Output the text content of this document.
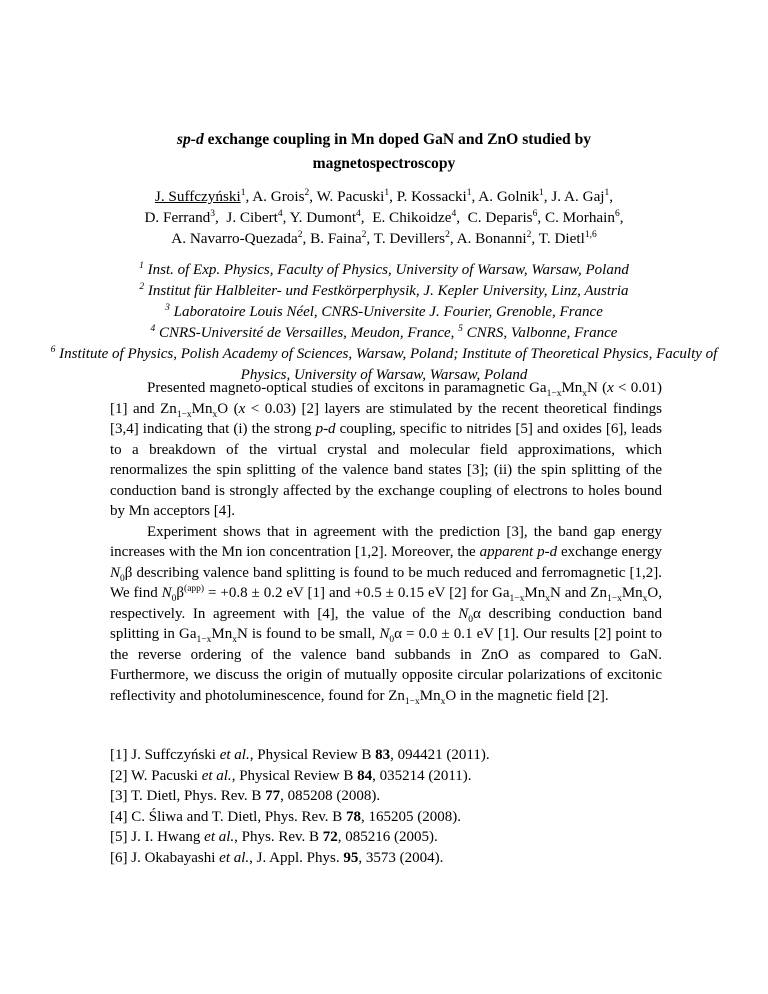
sp-d exchange coupling in Mn doped GaN and ZnO studied by
magnetospectroscopy
J. Suffczyński$^1$, A. Grois$^2$, W. Pacuski$^1$, P. Kossacki$^1$, A. Golnik$^1$, J. A. Gaj$^1$,
D. Ferrand$^3$,  J. Cibert$^4$, Y. Dumont$^4$,  E. Chikoidze$^4$,  C. Deparis$^6$, C. Morhain$^6$,
A. Navarro-Quezada$^2$, B. Faina$^2$, T. Devillers$^2$, A. Bonanni$^2$, T. Dietl$^{1,6}$
$^1$ Inst. of Exp. Physics, Faculty of Physics, University of Warsaw, Warsaw, Poland
$^2$ Institut für Halbleiter- und Festkörperphysik, J. Kepler University, Linz, Austria
$^3$ Laboratoire Louis Néel, CNRS-Universite J. Fourier, Grenoble, France
$^4$ CNRS-Université de Versailles, Meudon, France, $^5$ CNRS, Valbonne, France
$^6$ Institute of Physics, Polish Academy of Sciences, Warsaw, Poland; Institute of Theoretical Physics, Faculty of Physics, University of Warsaw, Warsaw, Poland

Presented magneto-optical studies of excitons in paramagnetic $Ga_{1-x}Mn_xN$ (x < 0.01) [1] and $Zn_{1-x}Mn_xO$ (x < 0.03) [2] layers are stimulated by the recent theoretical findings [3,4] indicating that (i) the strong p-d coupling, specific to nitrides [5] and oxides [6], leads to a breakdown of the virtual crystal and molecular field approximations, which renormalizes the spin splitting of the valence band states [3]; (ii) the spin splitting of the conduction band is strongly affected by the exchange coupling of electrons to holes bound by Mn acceptors [4].

Experiment shows that in agreement with the prediction [3], the band gap energy increases with the Mn ion concentration [1,2]. Moreover, the apparent p-d exchange energy $N_0\beta$ describing valence band splitting is found to be much reduced and ferromagnetic [1,2]. We find $N_0\beta^{(app)} = +0.8 \pm 0.2$ eV [1] and +0.5 ± 0.15 eV [2] for $Ga_{1-x}Mn_xN$ and $Zn_{1-x}Mn_xO$, respectively. In agreement with [4], the value of the $N_0\alpha$ describing conduction band splitting in $Ga_{1-x}Mn_xN$ is found to be small, $N_0\alpha = 0.0 \pm 0.1$ eV [1]. Our results [2] point to the reverse ordering of the valence band subbands in ZnO as compared to GaN. Furthermore, we discuss the origin of mutually opposite circular polarizations of excitonic reflectivity and photoluminescence, found for $Zn_{1-x}Mn_xO$ in the magnetic field [2].

[1] J. Suffczyński et al., Physical Review B 83, 094421 (2011).
[2] W. Pacuski et al., Physical Review B 84, 035214 (2011).
[3] T. Dietl, Phys. Rev. B 77, 085208 (2008).
[4] C. Śliwa and T. Dietl, Phys. Rev. B 78, 165205 (2008).
[5] J. I. Hwang et al., Phys. Rev. B 72, 085216 (2005).
[6] J. Okabayashi et al., J. Appl. Phys. 95, 3573 (2004).
